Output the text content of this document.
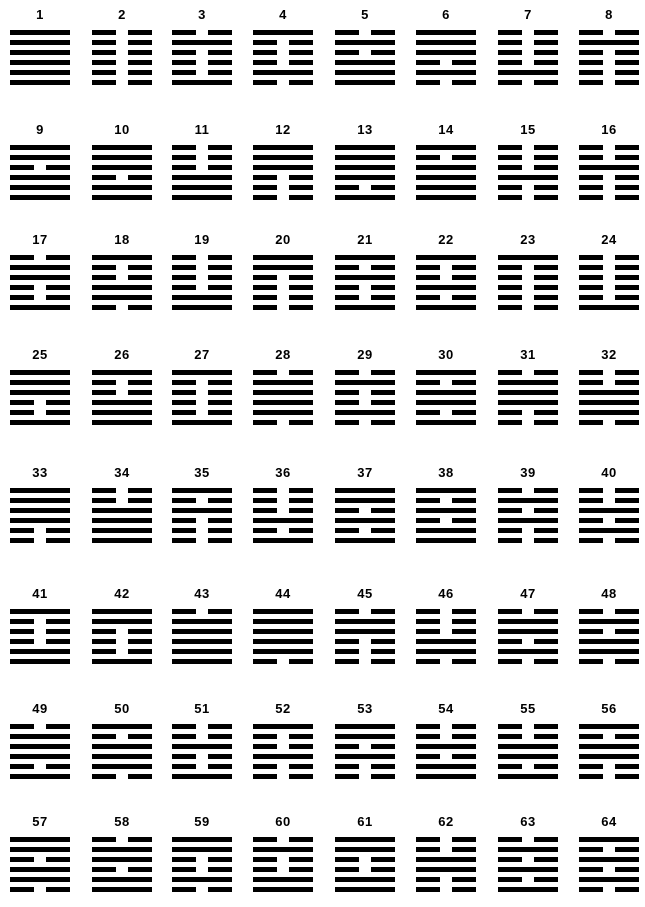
1	2	3	4	5	6	7	8
9	10	11	12	13	14	15	16
17	18	19	20	21	22	23	24
25	26	27	28	29	30	31	32
33	34	35	36	37	38	39	40
41	42	43	44	45	46	47	48
49	50	51	52	53	54	55	56
57	58	59	60	61	62	63	64
